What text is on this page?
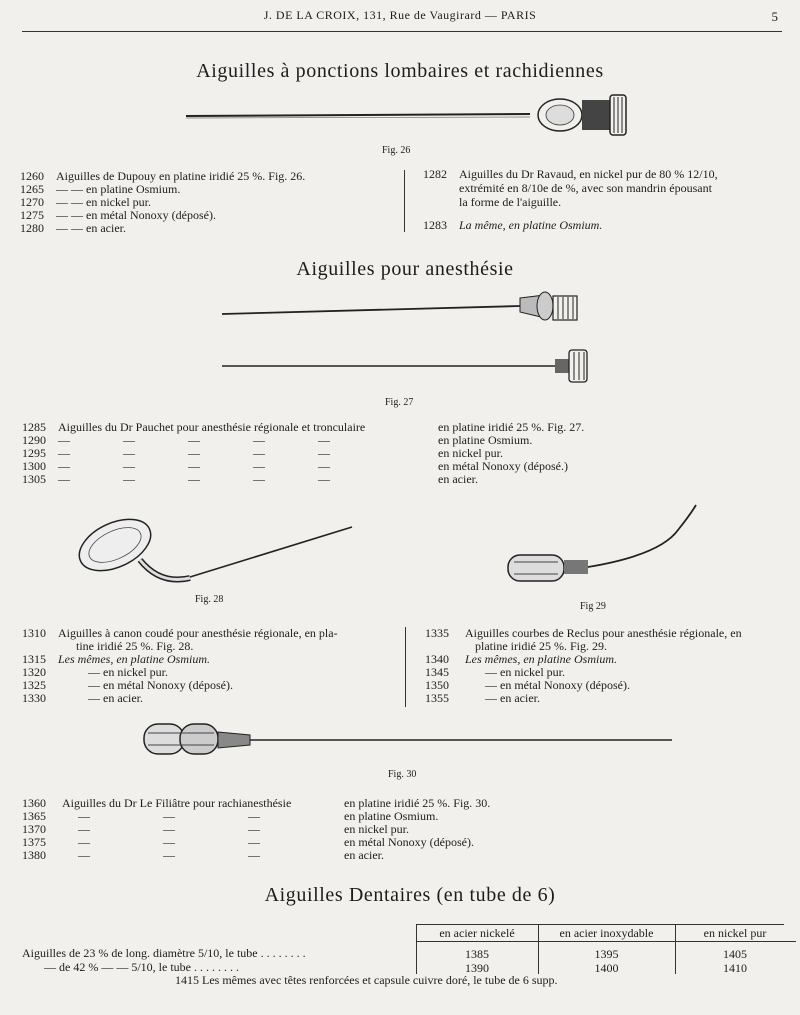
J. DE LA CROIX, 131, Rue de Vaugirard — PARIS	5
Aiguilles à ponctions lombaires et rachidiennes
Fig. 26
1260 Aiguilles de Dupouy en platine iridié 25 %. Fig. 26.
1265 — — en platine Osmium.
1270 — — en nickel pur.
1275 — — en métal Nonoxy (déposé).
1280 — — en acier.
1282 Aiguilles du Dr Ravaud, en nickel pur de 80 % 12/10,
extrémité en 8/10e de %, avec son mandrin épousant
la forme de l'aiguille.
1283 La même, en platine Osmium.
Aiguilles pour anesthésie
Fig. 27
1285 Aiguilles du Dr Pauchet pour anesthésie régionale et tronculaire	en platine iridié 25 %. Fig. 27.
1290 — — — — —	en platine Osmium.
1295 — — — — —	en nickel pur.
1300 — — — — —	en métal Nonoxy (déposé.)
1305 — — — — —	en acier.
Fig. 28
Fig 29
1310 Aiguilles à canon coudé pour anesthésie régionale, en pla-
tine iridié 25 %. Fig. 28.
1315 Les mêmes, en platine Osmium.
1320	— en nickel pur.
1325	— en métal Nonoxy (déposé).
1330	— en acier.
1335 Aiguilles courbes de Reclus pour anesthésie régionale, en
platine iridié 25 %. Fig. 29.
1340 Les mêmes, en platine Osmium.
1345	— en nickel pur.
1350	— en métal Nonoxy (déposé).
1355	— en acier.
Fig. 30
1360 Aiguilles du Dr Le Filiâtre pour rachianesthésie	en platine iridié 25 %. Fig. 30.
1365	— — —	en platine Osmium.
1370	— — —	en nickel pur.
1375	— — —	en métal Nonoxy (déposé).
1380	— — —	en acier.
Aiguilles Dentaires (en tube de 6)
en acier nickelé	en acier inoxydable	en nickel pur
Aiguilles de 23 % de long. diamètre 5/10, le tube . . . . . . . .	1385	1395	1405
— de 42 % — — 5/10, le tube . . . . . . . .	1390	1400	1410
1415 Les mêmes avec têtes renforcées et capsule cuivre doré, le tube de 6 supp.
